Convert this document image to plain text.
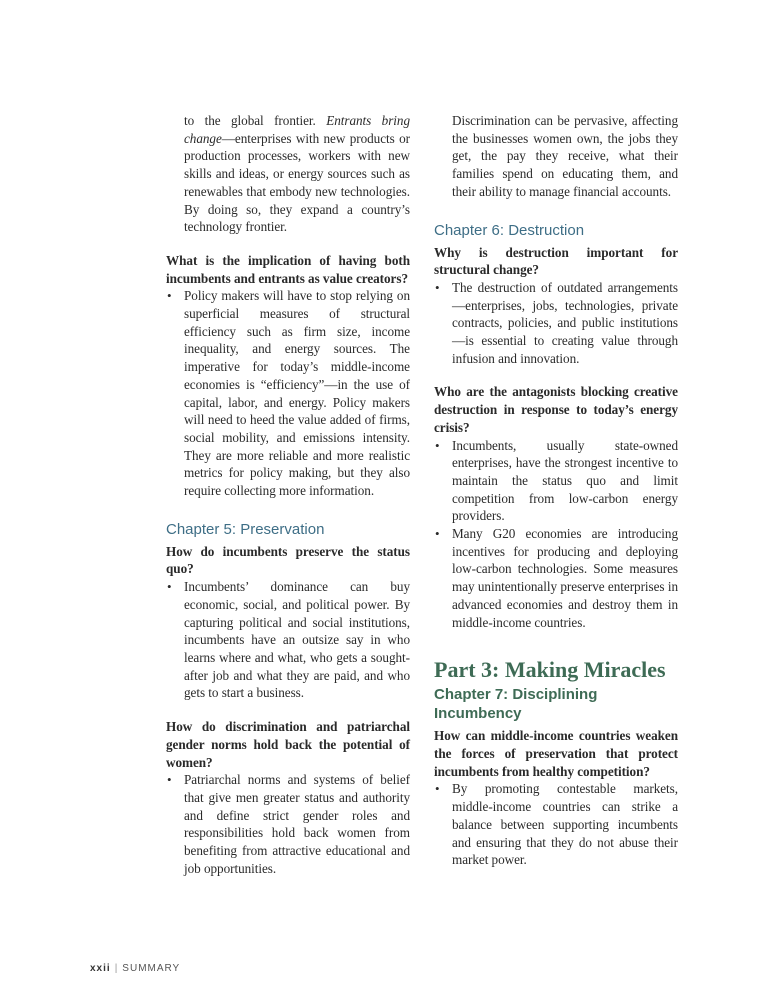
to the global frontier. Entrants bring change—enterprises with new products or production processes, workers with new skills and ideas, or energy sources such as renewables that embody new technologies. By doing so, they expand a country’s technology frontier.

What is the implication of having both incumbents and entrants as value creators?

• Policy makers will have to stop relying on superficial measures of structural efficiency such as firm size, income inequality, and energy sources. The imperative for today’s middle-income economies is “efficiency”—in the use of capital, labor, and energy. Policy makers will need to heed the value added of firms, social mobility, and emissions intensity. They are more reliable and more realistic metrics for policy making, but they also require collecting more information.
Chapter 5: Preservation

How do incumbents preserve the status quo?

• Incumbents’ dominance can buy economic, social, and political power. By capturing political and social institutions, incumbents have an outsize say in who learns where and what, who gets a sought-after job and what they are paid, and who gets to start a business.

How do discrimination and patriarchal gender norms hold back the potential of women?

• Patriarchal norms and systems of belief that give men greater status and authority and define strict gender roles and responsibilities hold back women from benefiting from attractive educational and job opportunities.

Discrimination can be pervasive, affecting the businesses women own, the jobs they get, the pay they receive, what their families spend on educating them, and their ability to manage financial accounts.

Chapter 6: Destruction

Why is destruction important for structural change?

• The destruction of outdated arrangements—enterprises, jobs, technologies, private contracts, policies, and public institutions—is essential to creating value through infusion and innovation.

Who are the antagonists blocking creative destruction in response to today’s energy crisis?

• Incumbents, usually state-owned enterprises, have the strongest incentive to maintain the status quo and limit competition from low-carbon energy providers.
• Many G20 economies are introducing incentives for producing and deploying low-carbon technologies. Some measures may unintentionally preserve enterprises in advanced economies and destroy them in middle-income countries.
Part 3: Making Miracles
Chapter 7: Disciplining Incumbency

How can middle-income countries weaken the forces of preservation that protect incumbents from healthy competition?

• By promoting contestable markets, middle-income countries can strike a balance between supporting incumbents and ensuring that they do not abuse their market power.
xxii | SUMMARY
